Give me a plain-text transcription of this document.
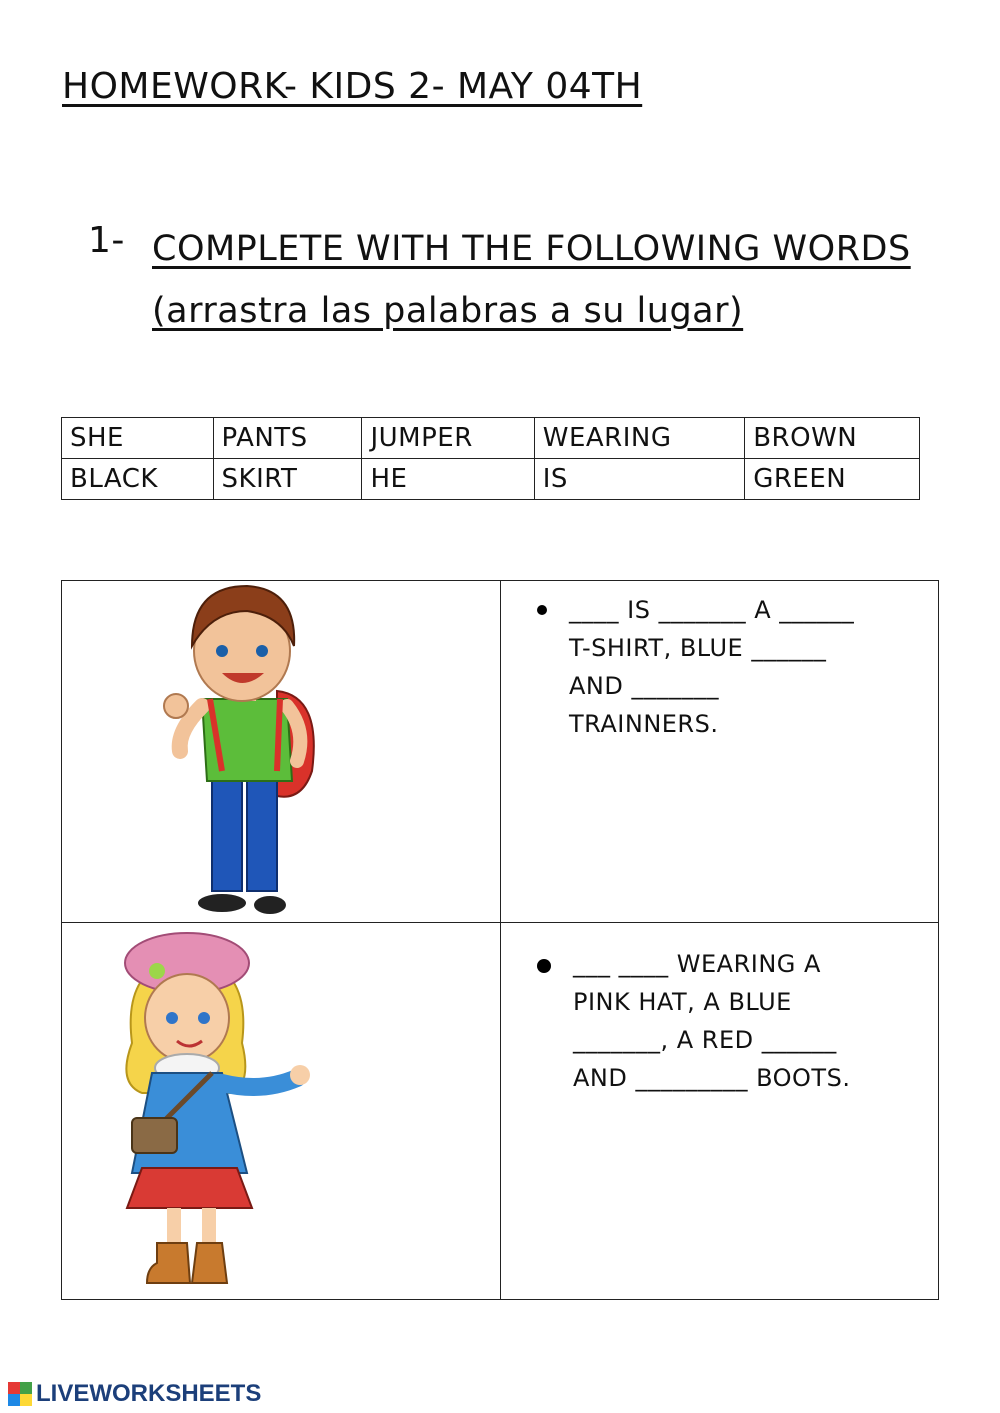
HOMEWORK- KIDS 2- MAY 04TH
1- COMPLETE WITH THE FOLLOWING WORDS (arrastra las palabras a su lugar)
SHE	PANTS	JUMPER	WEARING	BROWN
BLACK	SKIRT	HE	IS	GREEN

____ IS _______ A ______
T-SHIRT, BLUE ______
AND _______
TRAINNERS.

___ ____ WEARING A
PINK HAT, A BLUE
_______, A RED ______
AND _________ BOOTS.
LIVEWORKSHEETS
